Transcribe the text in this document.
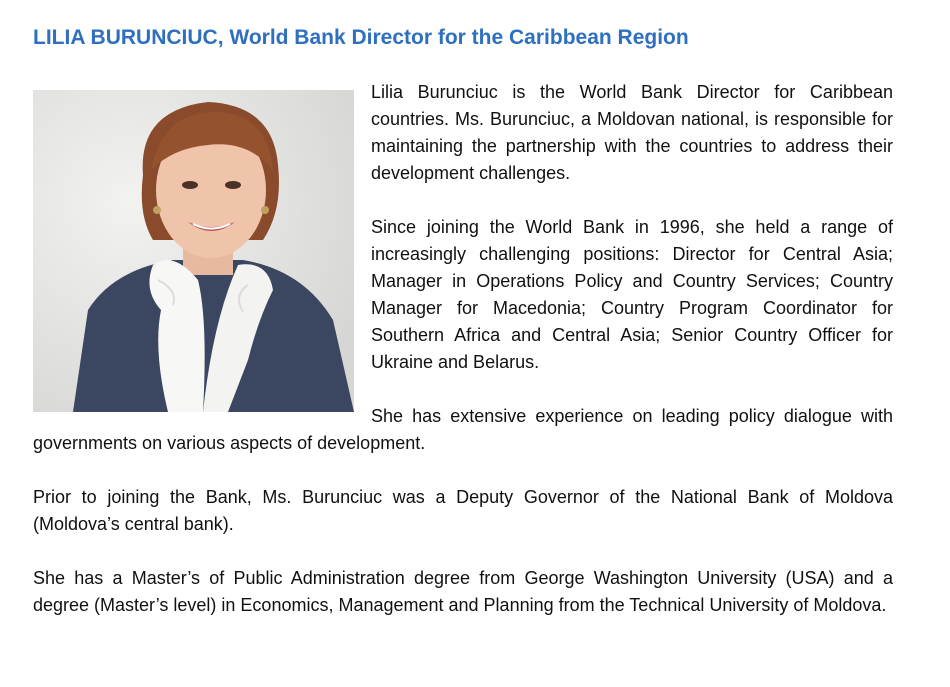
LILIA BURUNCIUC, World Bank Director for the Caribbean Region

Lilia Burunciuc is the World Bank Director for Caribbean countries. Ms. Burunciuc, a Moldovan national, is responsible for maintaining the partnership with the countries to address their development challenges.

Since joining the World Bank in 1996, she held a range of increasingly challenging positions: Director for Central Asia; Manager in Operations Policy and Country Services; Country Manager for Macedonia; Country Program Coordinator for Southern Africa and Central Asia; Senior Country Officer for Ukraine and Belarus.

She has extensive experience on leading policy dialogue with governments on various aspects of development.

Prior to joining the Bank, Ms. Burunciuc was a Deputy Governor of the National Bank of Moldova (Moldova’s central bank).

She has a Master’s of Public Administration degree from George Washington University (USA) and a degree (Master’s level) in Economics, Management and Planning from the Technical University of Moldova.
